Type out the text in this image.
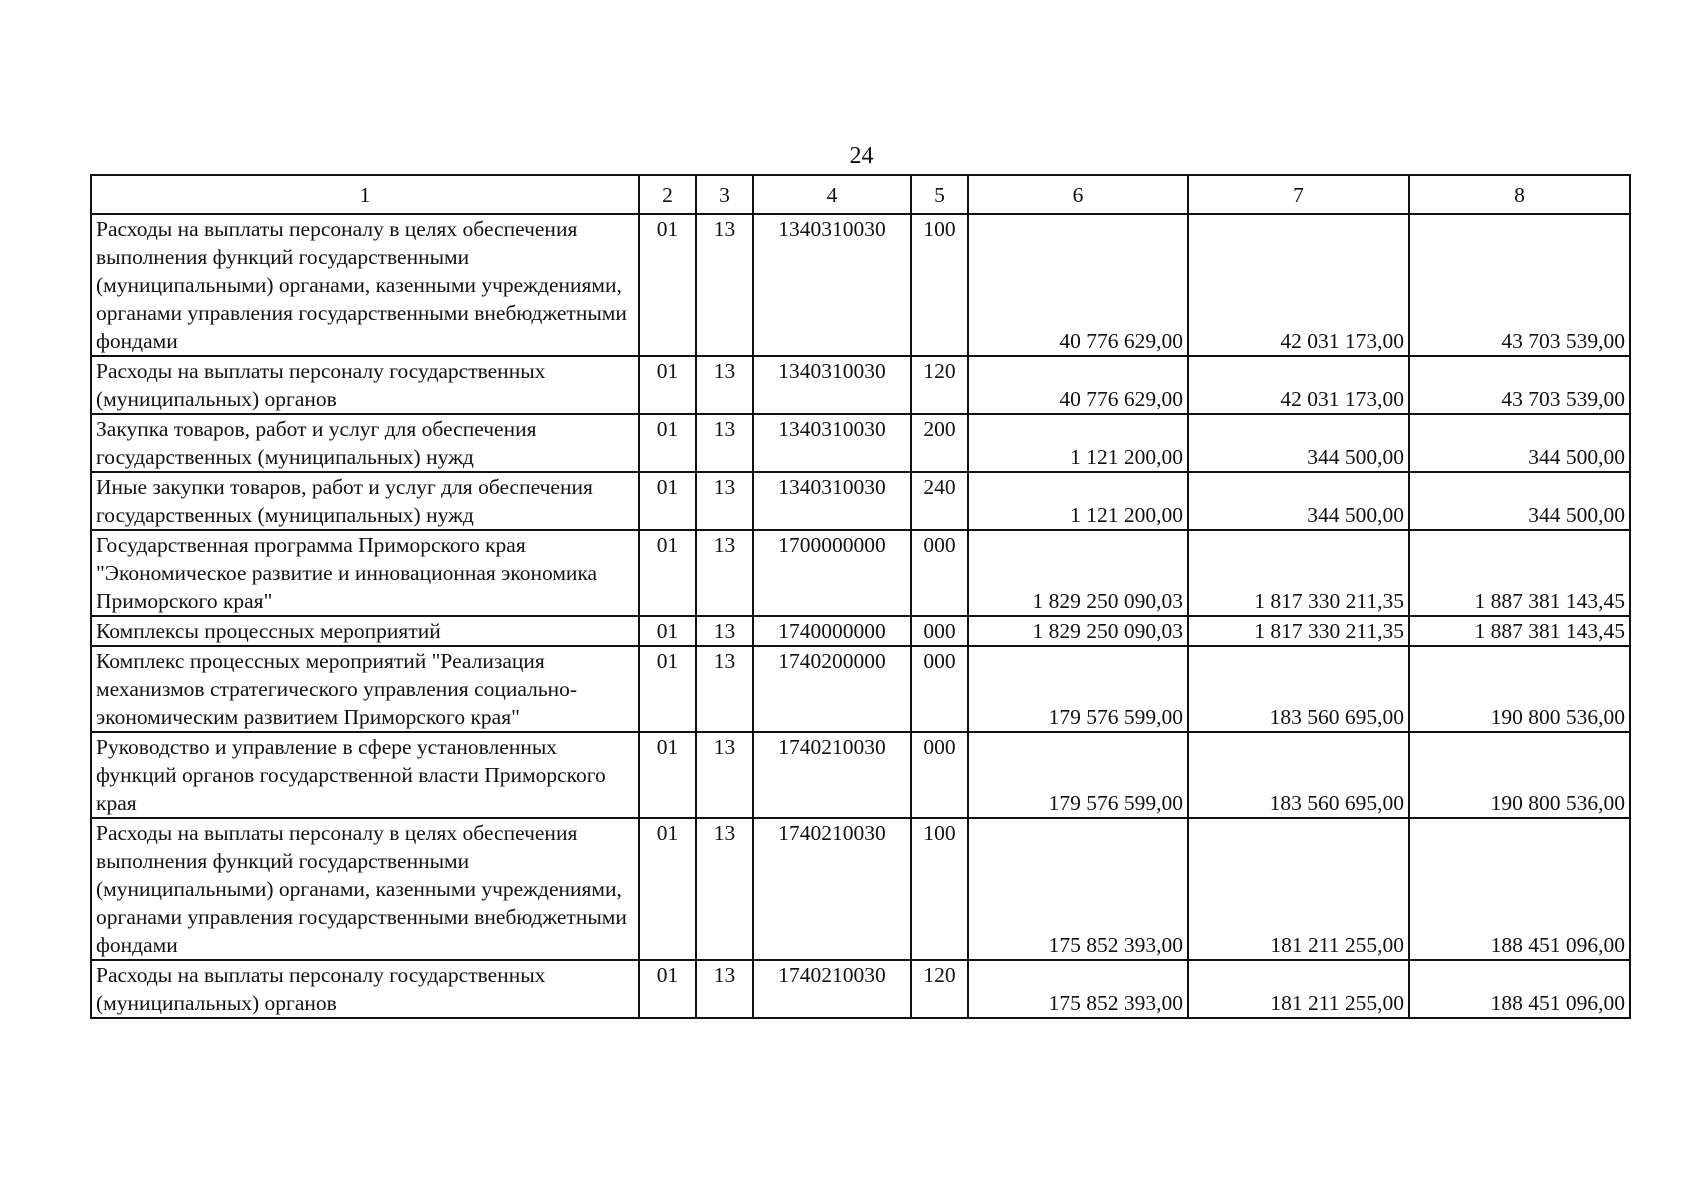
24
1	2	3	4	5	6	7	8
Расходы на выплаты персоналу в целях обеспечения выполнения функций государственными (муниципальными) органами, казенными учреждениями, органами управления государственными внебюджетными фондами	01	13	1340310030	100	40 776 629,00	42 031 173,00	43 703 539,00
Расходы на выплаты персоналу государственных (муниципальных) органов	01	13	1340310030	120	40 776 629,00	42 031 173,00	43 703 539,00
Закупка товаров, работ и услуг для обеспечения государственных (муниципальных) нужд	01	13	1340310030	200	1 121 200,00	344 500,00	344 500,00
Иные закупки товаров, работ и услуг для обеспечения государственных (муниципальных) нужд	01	13	1340310030	240	1 121 200,00	344 500,00	344 500,00
Государственная программа Приморского края "Экономическое развитие и инновационная экономика Приморского края"	01	13	1700000000	000	1 829 250 090,03	1 817 330 211,35	1 887 381 143,45
Комплексы процессных мероприятий	01	13	1740000000	000	1 829 250 090,03	1 817 330 211,35	1 887 381 143,45
Комплекс процессных мероприятий "Реализация механизмов стратегического управления социально-экономическим развитием Приморского края"	01	13	1740200000	000	179 576 599,00	183 560 695,00	190 800 536,00
Руководство и управление в сфере установленных функций органов государственной власти Приморского края	01	13	1740210030	000	179 576 599,00	183 560 695,00	190 800 536,00
Расходы на выплаты персоналу в целях обеспечения выполнения функций государственными (муниципальными) органами, казенными учреждениями, органами управления государственными внебюджетными фондами	01	13	1740210030	100	175 852 393,00	181 211 255,00	188 451 096,00
Расходы на выплаты персоналу государственных (муниципальных) органов	01	13	1740210030	120	175 852 393,00	181 211 255,00	188 451 096,00
